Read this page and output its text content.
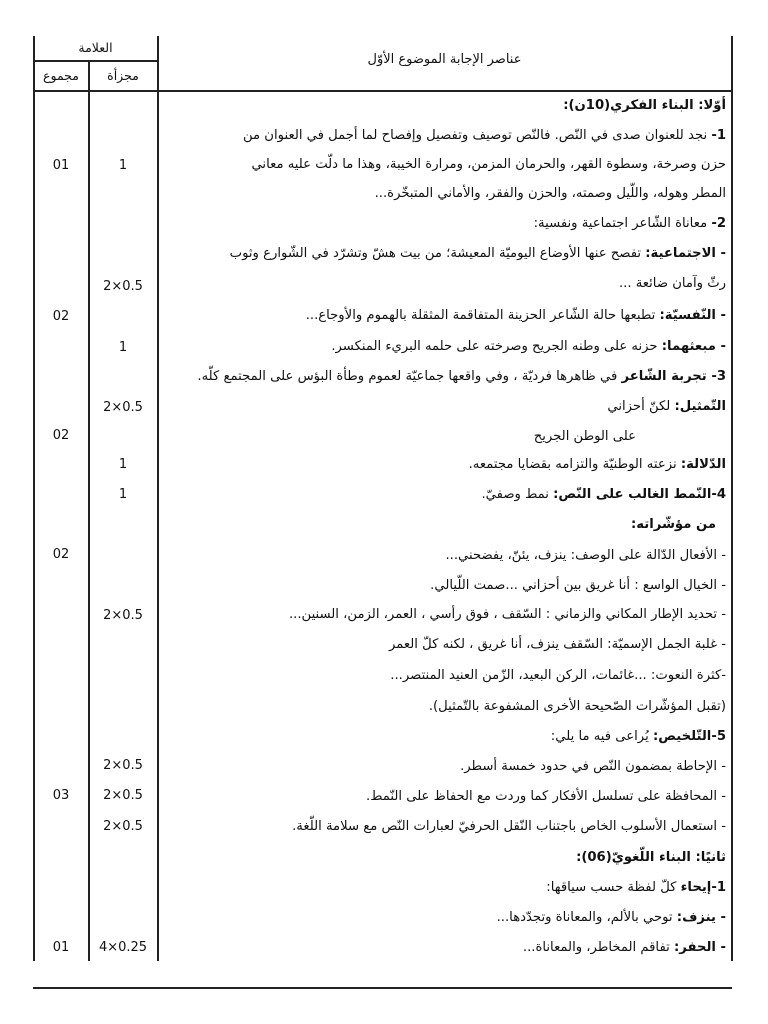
العلامة
مجموع	مجزأة
عناصر الإجابة الموضوع الأوّل
أوّلا: البناء الفكري(10ن):
1- نجد للعنوان صدى في النّص. فالنّص توصيف وتفصيل وإفصاح لما أجمل في العنوان من
حزن وصرخة، وسطوة القهر، والحرمان المزمن، ومرارة الخيبة، وهذا ما دلّت عليه معاني
المطر وهوله، واللّيل وصمته، والحزن والفقر، والأماني المتبخّرة...
2- معاناة الشّاعر اجتماعية ونفسية:
- الاجتماعية: تفصح عنها الأوضاع اليوميّة المعيشة؛ من بيت هشّ وتشرّد في الشّوارع وثوب
رثّ وآمان ضائعة ...
- النّفسيّة: تطبعها حالة الشّاعر الحزينة المتفاقمة المثقلة بالهموم والأوجاع...
- مبعثهما: حزنه على وطنه الجريح وصرخته على حلمه البريء المنكسر.
3- تجربة الشّاعر في ظاهرها فرديّة ، وفي واقعها جماعيّة لعموم وطأة البؤس على المجتمع كلّه.
التّمثيل: لكنّ أحزاني
على الوطن الجريح
الدّلالة: نزعته الوطنيّة والتزامه بقضايا مجتمعه.
4-النّمط الغالب على النّص: نمط وصفيّ.
من مؤشّراته:
- الأفعال الدّالة على الوصف: ينزف، يئنّ، يفضحني...
- الخيال الواسع : أنا غريق بين أحزاني ...صمت اللّيالي.
- تحديد الإطار المكاني والزماني : السّقف ، فوق رأسي ، العمر، الزمن، السنين...
- غلبة الجمل الإسميّة: السّقف ينزف، أنا غريق ، لكنه كلّ العمر
-كثرة النعوت: ...غائمات، الركن البعيد، الزّمن العنيد المنتصر...
(تقبل المؤشّرات الصّحيحة الأخرى المشفوعة بالتّمثيل).
5-التّلخيص: يُراعى فيه ما يلي:
- الإحاطة بمضمون النّص في حدود خمسة أسطر.
- المحافظة على تسلسل الأفكار كما وردت مع الحفاظ على النّمط.
- استعمال الأسلوب الخاص باجتناب النّقل الحرفيّ لعبارات النّص مع سلامة اللّغة.
ثانيًا: البناء اللّغويّ(06):
1-إيحاء كلّ لفظة حسب سياقها:
- ينزف: توحي بالألم، والمعاناة وتجدّدها...
- الحفر: تفاقم المخاطر، والمعاناة...
1
01
2×0.5
02
1
2×0.5
02
1
1
02
2×0.5
2×0.5
2×0.5
03
2×0.5
4×0.25
01
